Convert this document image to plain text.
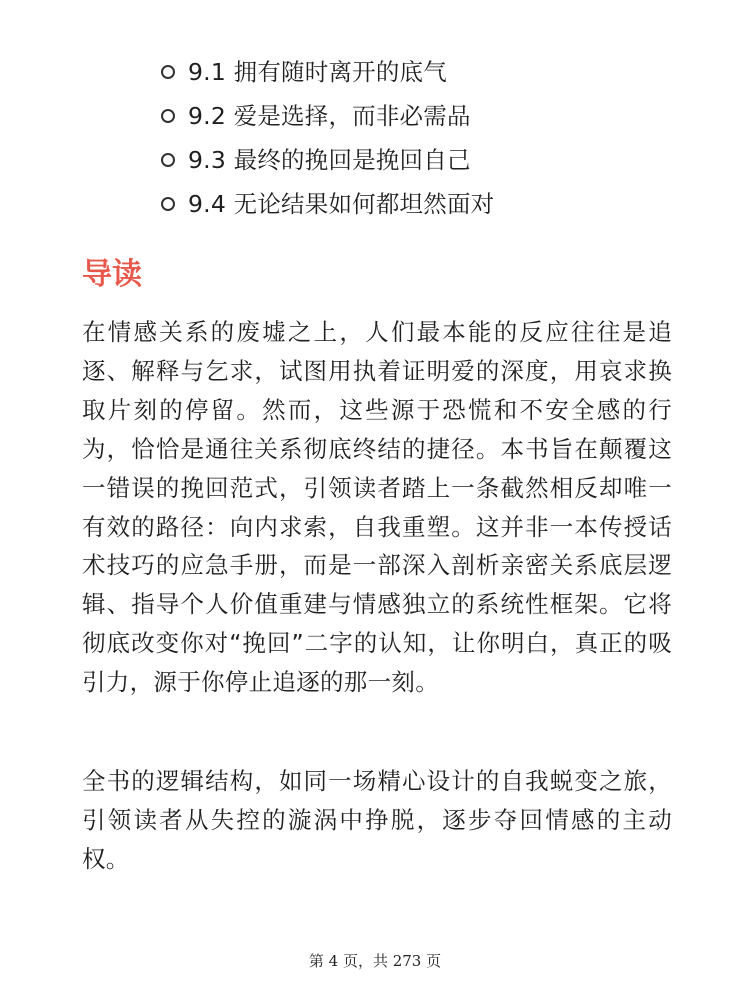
9.1 拥有随时离开的底气
9.2 爱是选择，而非必需品
9.3 最终的挽回是挽回自己
9.4 无论结果如何都坦然面对
导读

在情感关系的废墟之上，人们最本能的反应往往是追逐、解释与乞求，试图用执着证明爱的深度，用哀求换取片刻的停留。然而，这些源于恐慌和不安全感的行为，恰恰是通往关系彻底终结的捷径。本书旨在颠覆这一错误的挽回范式，引领读者踏上一条截然相反却唯一有效的路径：向内求索，自我重塑。这并非一本传授话术技巧的应急手册，而是一部深入剖析亲密关系底层逻辑、指导个人价值重建与情感独立的系统性框架。它将彻底改变你对“挽回”二字的认知，让你明白，真正的吸引力，源于你停止追逐的那一刻。

全书的逻辑结构，如同一场精心设计的自我蜕变之旅，引领读者从失控的漩涡中挣脱，逐步夺回情感的主动权。

第 4 页，共 273 页
